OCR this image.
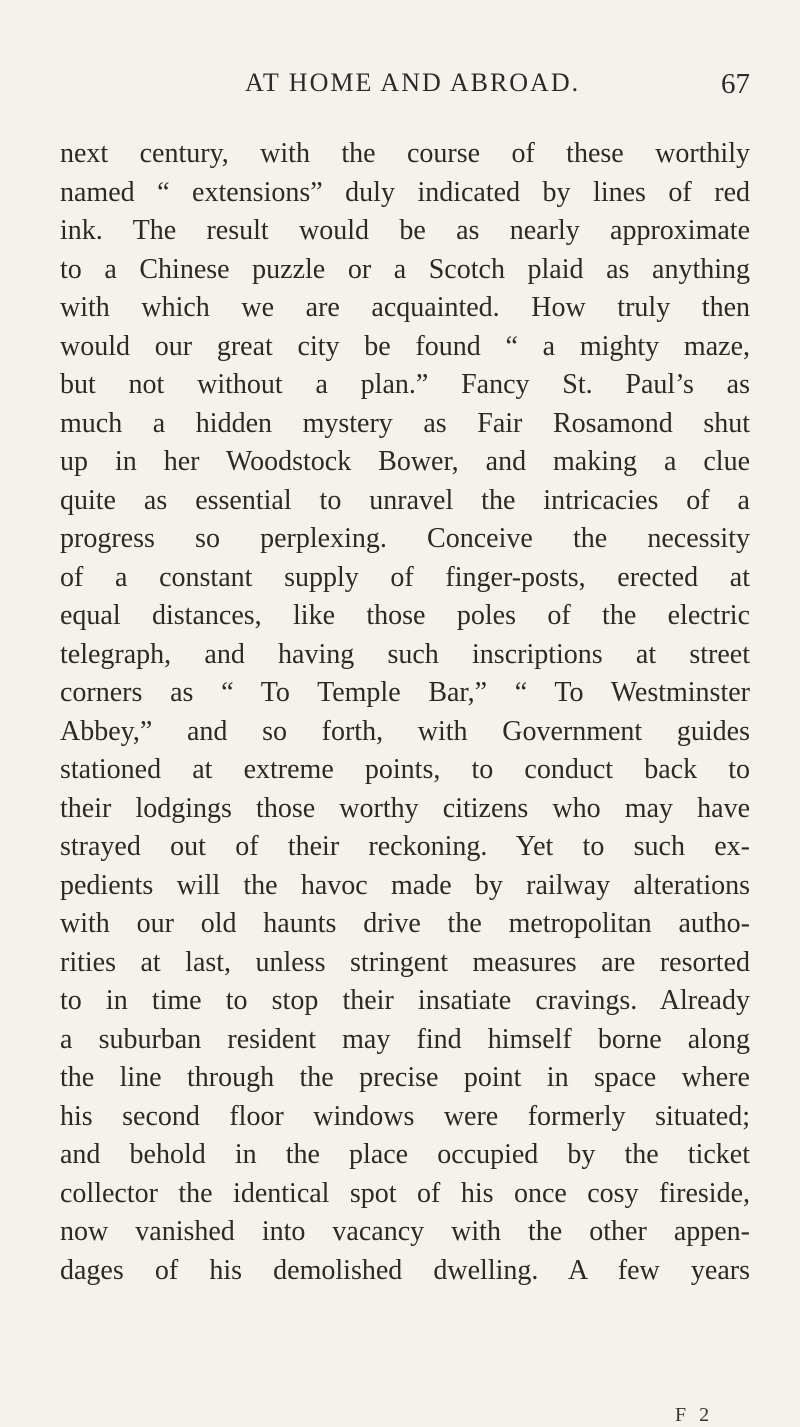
AT HOME AND ABROAD.	67
next century, with the course of these worthily
named “ extensions” duly indicated by lines of red
ink. The result would be as nearly approximate
to a Chinese puzzle or a Scotch plaid as anything
with which we are acquainted. How truly then
would our great city be found “ a mighty maze,
but not without a plan.” Fancy St. Paul’s as
much a hidden mystery as Fair Rosamond shut
up in her Woodstock Bower, and making a clue
quite as essential to unravel the intricacies of a
progress so perplexing. Conceive the necessity
of a constant supply of finger-posts, erected at
equal distances, like those poles of the electric
telegraph, and having such inscriptions at street
corners as “ To Temple Bar,” “ To Westminster
Abbey,” and so forth, with Government guides
stationed at extreme points, to conduct back to
their lodgings those worthy citizens who may have
strayed out of their reckoning. Yet to such ex-
pedients will the havoc made by railway alterations
with our old haunts drive the metropolitan autho-
rities at last, unless stringent measures are resorted
to in time to stop their insatiate cravings. Already
a suburban resident may find himself borne along
the line through the precise point in space where
his second floor windows were formerly situated;
and behold in the place occupied by the ticket
collector the identical spot of his once cosy fireside,
now vanished into vacancy with the other appen-
dages of his demolished dwelling. A few years
F 2
